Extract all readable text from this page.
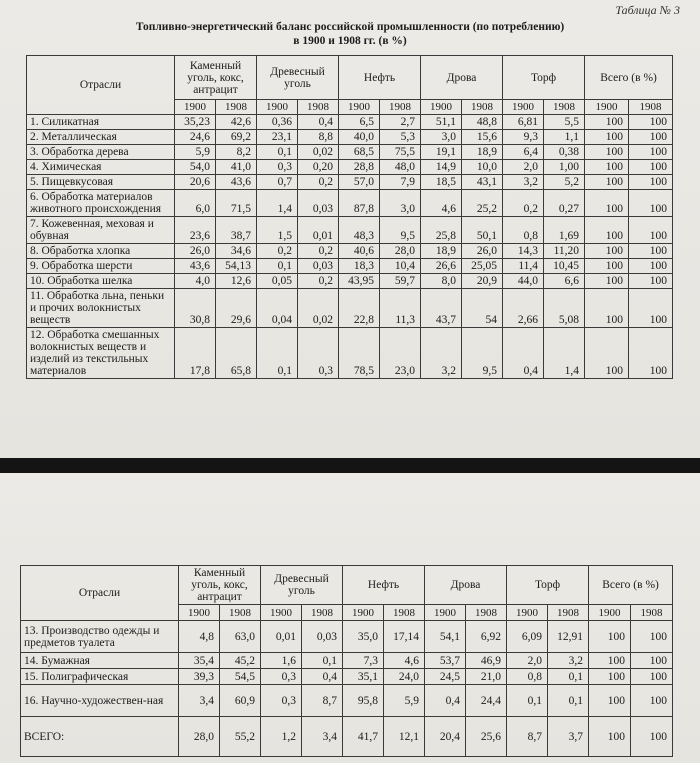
Таблица № 3
Топливно-энергетический баланс российской промышленности (по потреблению)
в 1900 и 1908 гг. (в %)
Отрасли	Каменный уголь, кокс, антрацит		Древесный уголь		Нефть		Дрова		Торф		Всего (в %)	
	1900	1908	1900	1908	1900	1908	1900	1908	1900	1908	1900	1908
1. Силикатная	35,23	42,6	0,36	0,4	6,5	2,7	51,1	48,8	6,81	5,5	100	100
2. Металлическая	24,6	69,2	23,1	8,8	40,0	5,3	3,0	15,6	9,3	1,1	100	100
3. Обработка дерева	5,9	8,2	0,1	0,02	68,5	75,5	19,1	18,9	6,4	0,38	100	100
4. Химическая	54,0	41,0	0,3	0,20	28,8	48,0	14,9	10,0	2,0	1,00	100	100
5. Пищевкусовая	20,6	43,6	0,7	0,2	57,0	7,9	18,5	43,1	3,2	5,2	100	100
6. Обработка материалов животного происхождения	6,0	71,5	1,4	0,03	87,8	3,0	4,6	25,2	0,2	0,27	100	100
7. Кожевенная, меховая и обувная	23,6	38,7	1,5	0,01	48,3	9,5	25,8	50,1	0,8	1,69	100	100
8. Обработка хлопка	26,0	34,6	0,2	0,2	40,6	28,0	18,9	26,0	14,3	11,20	100	100
9. Обработка шерсти	43,6	54,13	0,1	0,03	18,3	10,4	26,6	25,05	11,4	10,45	100	100
10. Обработка шелка	4,0	12,6	0,05	0,2	43,95	59,7	8,0	20,9	44,0	6,6	100	100
11. Обработка льна, пеньки и прочих волокнистых веществ	30,8	29,6	0,04	0,02	22,8	11,3	43,7	54	2,66	5,08	100	100
12. Обработка смешанных волокнистых веществ и изделий из текстильных материалов	17,8	65,8	0,1	0,3	78,5	23,0	3,2	9,5	0,4	1,4	100	100
Отрасли	Каменный уголь, кокс, антрацит		Древесный уголь		Нефть		Дрова		Торф		Всего (в %)	
	1900	1908	1900	1908	1900	1908	1900	1908	1900	1908	1900	1908
13. Производство одежды и предметов туалета	4,8	63,0	0,01	0,03	35,0	17,14	54,1	6,92	6,09	12,91	100	100
14. Бумажная	35,4	45,2	1,6	0,1	7,3	4,6	53,7	46,9	2,0	3,2	100	100
15. Полиграфическая	39,3	54,5	0,3	0,4	35,1	24,0	24,5	21,0	0,8	0,1	100	100
16. Научно-художествен-ная	3,4	60,9	0,3	8,7	95,8	5,9	0,4	24,4	0,1	0,1	100	100
ВСЕГО:	28,0	55,2	1,2	3,4	41,7	12,1	20,4	25,6	8,7	3,7	100	100
